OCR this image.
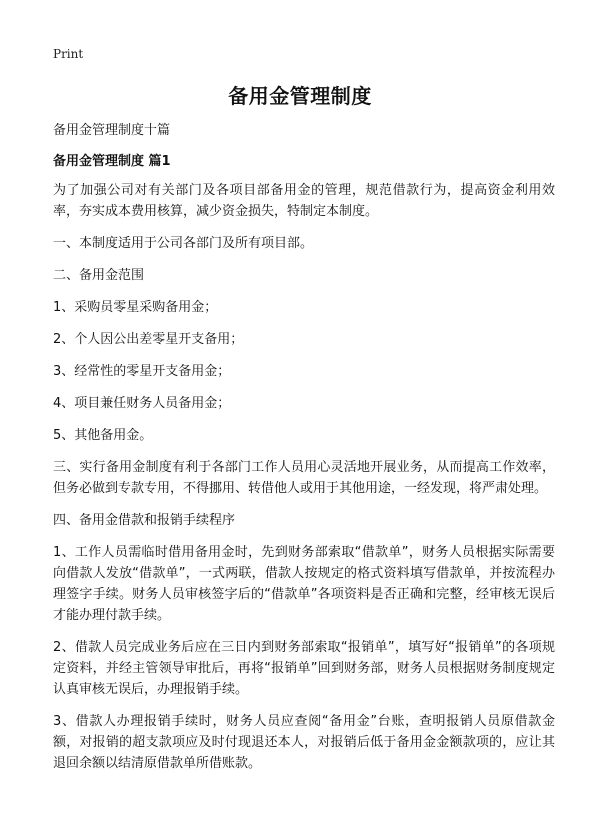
Print
备用金管理制度
备用金管理制度十篇
备用金管理制度 篇1

为了加强公司对有关部门及各项目部备用金的管理，规范借款行为，提高资金利用效率，夯实成本费用核算，减少资金损失，特制定本制度。

一、本制度适用于公司各部门及所有项目部。

二、备用金范围

1、采购员零星采购备用金；

2、个人因公出差零星开支备用；

3、经常性的零星开支备用金；

4、项目兼任财务人员备用金；

5、其他备用金。

三、实行备用金制度有利于各部门工作人员用心灵活地开展业务，从而提高工作效率，但务必做到专款专用，不得挪用、转借他人或用于其他用途，一经发现，将严肃处理。

四、备用金借款和报销手续程序

1、工作人员需临时借用备用金时，先到财务部索取“借款单”，财务人员根据实际需要向借款人发放“借款单”，一式两联，借款人按规定的格式资料填写借款单，并按流程办理签字手续。财务人员审核签字后的“借款单”各项资料是否正确和完整，经审核无误后才能办理付款手续。

2、借款人员完成业务后应在三日内到财务部索取“报销单”，填写好“报销单”的各项规定资料，并经主管领导审批后，再将“报销单”回到财务部，财务人员根据财务制度规定认真审核无误后，办理报销手续。

3、借款人办理报销手续时，财务人员应查阅“备用金”台账，查明报销人员原借款金额，对报销的超支款项应及时付现退还本人，对报销后低于备用金金额款项的，应让其退回余额以结清原借款单所借账款。
